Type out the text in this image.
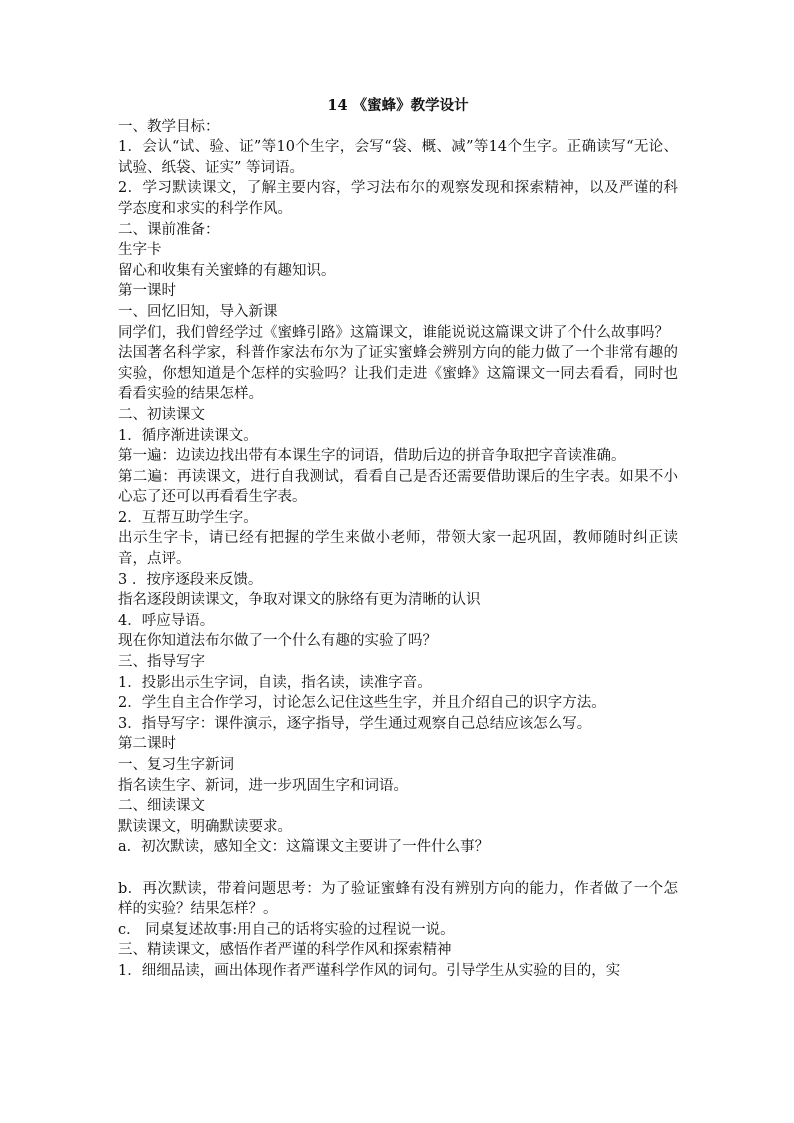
14 《蜜蜂》教学设计

一、教学目标：

1．会认“试、验、证”等10个生字，会写“袋、概、减”等14个生字。正确读写“无论、试验、纸袋、证实” 等词语。

2．学习默读课文，了解主要内容，学习法布尔的观察发现和探索精神，以及严谨的科学态度和求实的科学作风。

二、课前准备：

生字卡

留心和收集有关蜜蜂的有趣知识。

第一课时

一、回忆旧知，导入新课

同学们，我们曾经学过《蜜蜂引路》这篇课文，谁能说说这篇课文讲了个什么故事吗？

法国著名科学家，科普作家法布尔为了证实蜜蜂会辨别方向的能力做了一个非常有趣的实验，你想知道是个怎样的实验吗？让我们走进《蜜蜂》这篇课文一同去看看，同时也看看实验的结果怎样。

二、初读课文

1．循序渐进读课文。

第一遍：边读边找出带有本课生字的词语，借助后边的拼音争取把字音读准确。

第二遍：再读课文，进行自我测试，看看自己是否还需要借助课后的生字表。如果不小心忘了还可以再看看生字表。

2．互帮互助学生字。

出示生字卡，请已经有把握的学生来做小老师，带领大家一起巩固，教师随时纠正读音，点评。

3 ．按序逐段来反馈。

指名逐段朗读课文，争取对课文的脉络有更为清晰的认识

4．呼应导语。

现在你知道法布尔做了一个什么有趣的实验了吗？

三、指导写字

1．投影出示生字词，自读，指名读，读准字音。

2．学生自主合作学习，讨论怎么记住这些生字，并且介绍自己的识字方法。

3．指导写字：课件演示，逐字指导，学生通过观察自己总结应该怎么写。

第二课时

一、复习生字新词

指名读生字、新词，进一步巩固生字和词语。

二、细读课文

默读课文，明确默读要求。

a．初次默读，感知全文：这篇课文主要讲了一件什么事？

b．再次默读，带着问题思考：为了验证蜜蜂有没有辨别方向的能力，作者做了一个怎样的实验？结果怎样？。

c． 同桌复述故事:用自己的话将实验的过程说一说。

三、精读课文，感悟作者严谨的科学作风和探索精神

1．细细品读，画出体现作者严谨科学作风的词句。引导学生从实验的目的，实
